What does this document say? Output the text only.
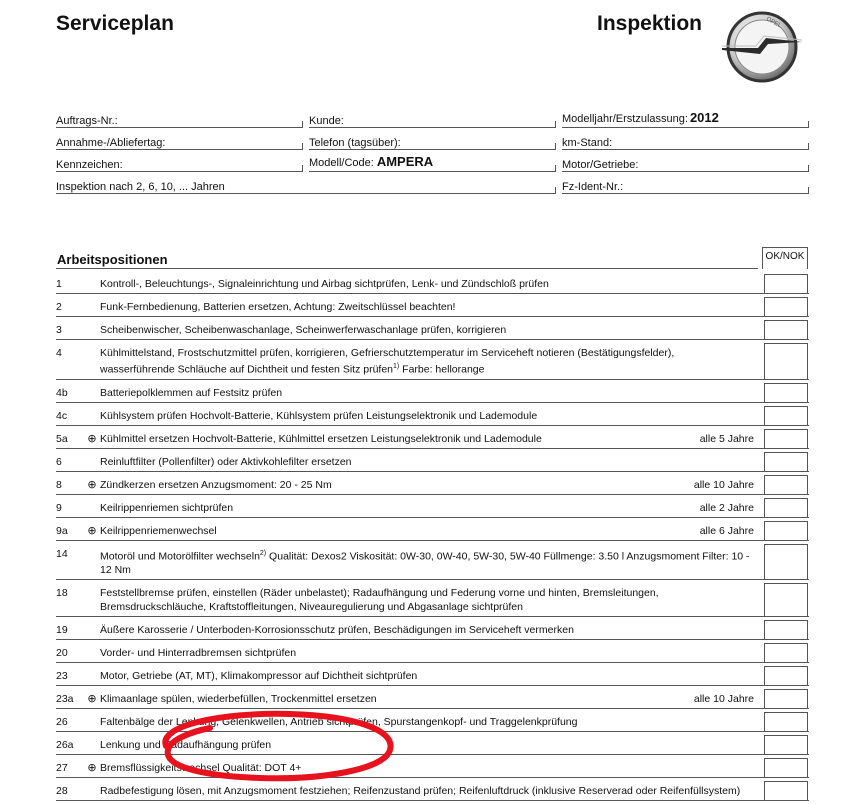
Serviceplan	Inspektion	OPEL
Auftrags-Nr.:	Kunde:	Modelljahr/Erstzulassung: 2012
Annahme-/Abliefertag:	Telefon (tagsüber):	km-Stand:
Kennzeichen:	Modell/Code: AMPERA	Motor/Getriebe:
Inspektion nach 2, 6, 10, ... Jahren	Fz-Ident-Nr.:
Arbeitspositionen	OK/NOK
1	Kontroll-, Beleuchtungs-, Signaleinrichtung und Airbag sichtprüfen, Lenk- und Zündschloß prüfen
2	Funk-Fernbedienung, Batterien ersetzen, Achtung: Zweitschlüssel beachten!
3	Scheibenwischer, Scheibenwaschanlage, Scheinwerferwaschanlage prüfen, korrigieren
4	Kühlmittelstand, Frostschutzmittel prüfen, korrigieren, Gefrierschutztemperatur im Serviceheft notieren (Bestätigungsfelder), wasserführende Schläuche auf Dichtheit und festen Sitz prüfen$^{1)}$ Farbe: hellorange
4b	Batteriepolklemmen auf Festsitz prüfen
4c	Kühlsystem prüfen Hochvolt-Batterie, Kühlsystem prüfen Leistungselektronik und Lademodule
5a	⊕ Kühlmittel ersetzen Hochvolt-Batterie, Kühlmittel ersetzen Leistungselektronik und Lademodule	alle 5 Jahre
6	Reinluftfilter (Pollenfilter) oder Aktivkohlefilter ersetzen
8	⊕ Zündkerzen ersetzen Anzugsmoment: 20 - 25 Nm	alle 10 Jahre
9	Keilrippenriemen sichtprüfen	alle 2 Jahre
9a	⊕ Keilrippenriemenwechsel	alle 6 Jahre
14	Motoröl und Motorölfilter wechseln$^{2)}$ Qualität: Dexos2 Viskosität: 0W-30, 0W-40, 5W-30, 5W-40 Füllmenge: 3.50 l Anzugsmoment Filter: 10 - 12 Nm
18	Feststellbremse prüfen, einstellen (Räder unbelastet); Radaufhängung und Federung vorne und hinten, Bremsleitungen, Bremsdruckschläuche, Kraftstoffleitungen, Niveauregulierung und Abgasanlage sichtprüfen
19	Äußere Karosserie / Unterboden-Korrosionsschutz prüfen, Beschädigungen im Serviceheft vermerken
20	Vorder- und Hinterradbremsen sichtprüfen
23	Motor, Getriebe (AT, MT), Klimakompressor auf Dichtheit sichtprüfen
23a	⊕ Klimaanlage spülen, wiederbefüllen, Trockenmittel ersetzen	alle 10 Jahre
26	Faltenbälge der Lenkung, Gelenkwellen, Antrieb sichtprüfen, Spurstangenkopf- und Traggelenkprüfung
26a	Lenkung und Radaufhängung prüfen
27	⊕ Bremsflüssigkeitswechsel Qualität: DOT 4+
28	Radbefestigung lösen, mit Anzugsmoment festziehen; Reifenzustand prüfen; Reifenluftdruck (inklusive Reserverad oder Reifenfüllsystem)
